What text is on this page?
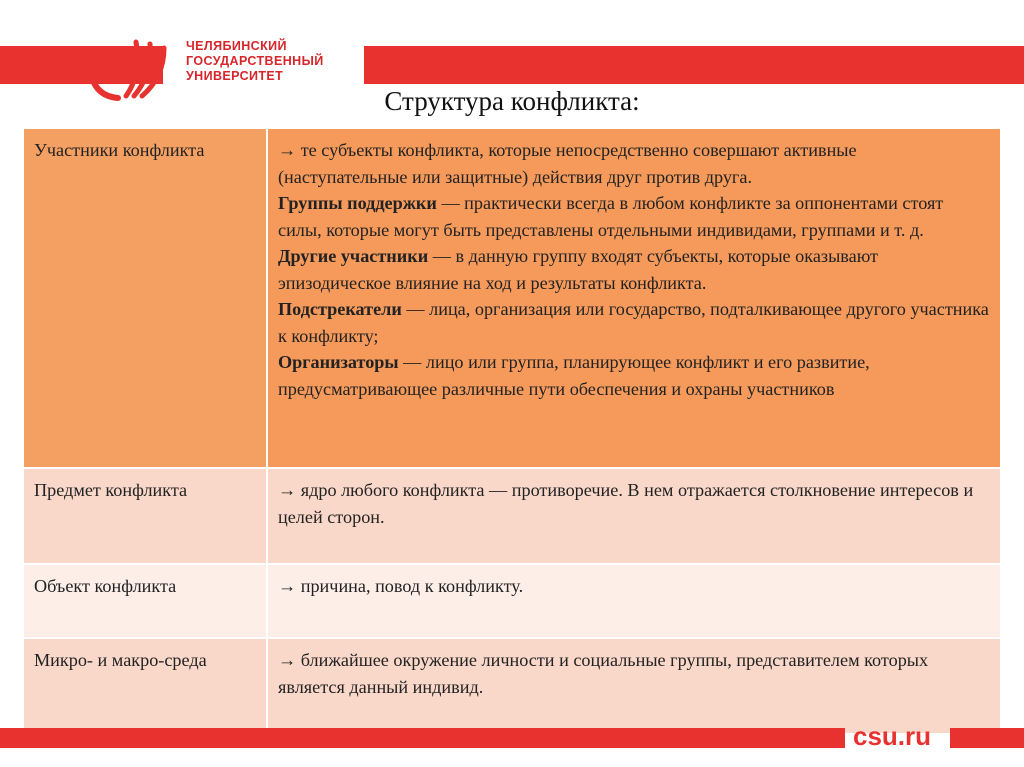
ЧЕЛЯБИНСКИЙ
ГОСУДАРСТВЕННЫЙ
УНИВЕРСИТЕТ
Структура конфликта:
Участники конфликта	→ те субъекты конфликта, которые непосредственно совершают активные (наступательные или защитные) действия друг против друга.

Группы поддержки — практически всегда в любом конфликте за оппонентами стоят силы, которые могут быть представлены отдельными индивидами, группами и т. д.

Другие участники — в данную группу входят субъекты, которые оказывают эпизодическое влияние на ход и результаты конфликта.

Подстрекатели — лица, организация или государство, подталкивающее другого участника к конфликту;

Организаторы — лицо или группа, планирующее конфликт и его развитие, предусматривающее различные пути обеспечения и охраны участников

Предмет конфликта	→ ядро любого конфликта — противоречие. В нем отражается столкновение интересов и целей сторон.
Объект конфликта	→ причина, повод к конфликту.
Микро- и макро-среда	→ ближайшее окружение личности и социальные группы, представителем которых является данный индивид.
csu.ru
